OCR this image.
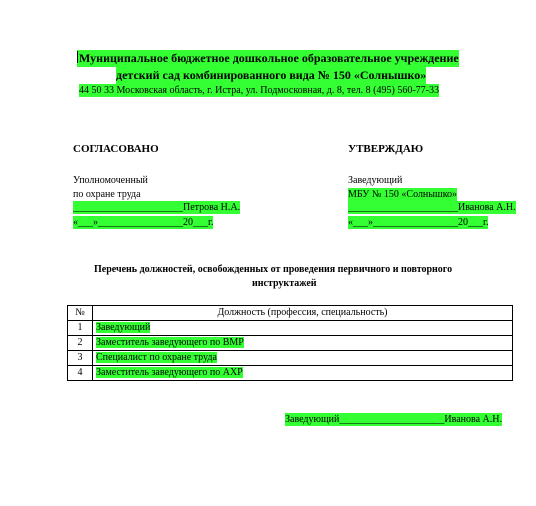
Муниципальное бюджетное дошкольное образовательное учреждение
детский сад комбинированного вида № 150 «Солнышко»
44 50 33 Московская область, г. Истра, ул. Подмосковная, д. 8, тел. 8 (495) 560-77-33
СОГЛАСОВАНО
Уполномоченный
по охране труда
______________________Петрова Н.А.
«___»_________________20___г.
УТВЕРЖДАЮ
Заведующий
МБУ № 150 «Солнышко»
______________________Иванова А.Н.
«___»_________________20___г.
Перечень должностей, освобожденных от проведения первичного и повторного
инструктажей
№	Должность (профессия, специальность)
1	Заведующий
2	Заместитель заведующего по ВМР
3	Специалист по охране труда
4	Заместитель заведующего по АХР
Заведующий_____________________Иванова А.Н.
